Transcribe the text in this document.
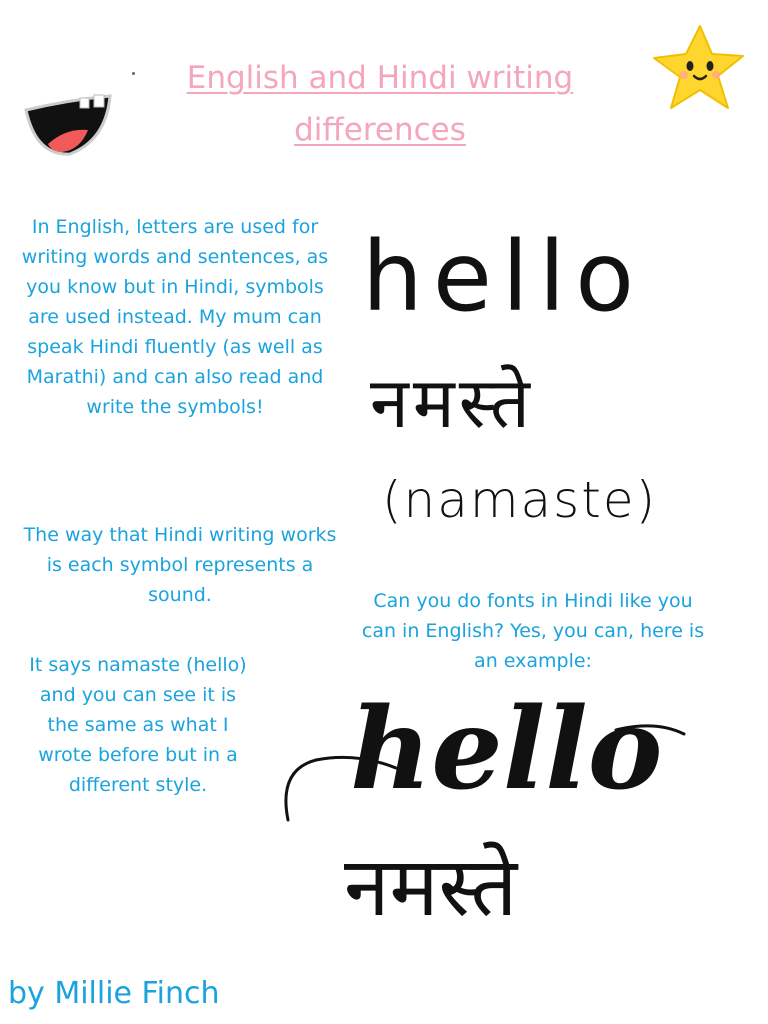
English and Hindi writing
differences
In English, letters are used for writing words and sentences, as you know but in Hindi, symbols are used instead. My mum can speak Hindi fluently (as well as Marathi) and can also read and write the symbols!
The way that Hindi writing works is each symbol represents a sound.
It says namaste (hello) and you can see it is the same as what I wrote before but in a different style.
Can you do fonts in Hindi like you can in English? Yes, you can, here is an example:
hello
नमस्ते
(namaste)
hello
नमस्ते
by Millie Finch
